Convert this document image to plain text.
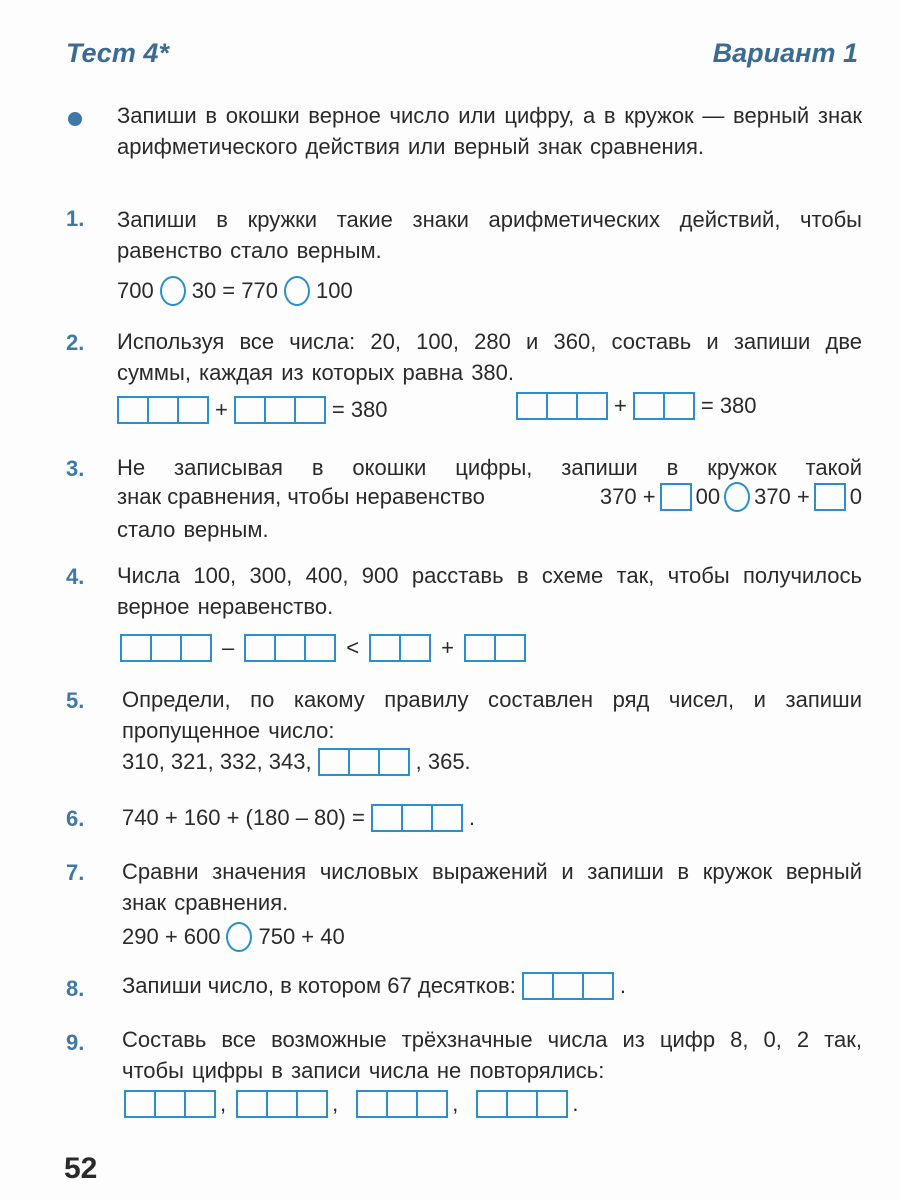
Тест 4*	Вариант 1
Запиши в окошки верное число или цифру, а в кружок — верный знак арифметического действия или верный знак сравнения.
1. Запиши в кружки такие знаки арифметических действий, чтобы равенство стало верным.
700 30 = 770 100
2. Используя все числа: 20, 100, 280 и 360, составь и запиши две суммы, каждая из которых равна 380.
+	= 380	+	= 380
3. Не записывая в окошки цифры, запиши в кружок такой
знак сравнения, чтобы неравенство	370 + 00 370 + 0
стало верным.
4. Числа 100, 300, 400, 900 расставь в схеме так, чтобы получилось верное неравенство.
–	<	+
5. Определи, по какому правилу составлен ряд чисел, и запиши пропущенное число:
310, 321, 332, 343,	, 365.
6. 740 + 160 + (180 – 80) =	.
7. Сравни значения числовых выражений и запиши в кружок верный знак сравнения.
290 + 600 750 + 40
8. Запиши число, в котором 67 десятков:	.
9. Составь все возможные трёхзначные числа из цифр 8, 0, 2 так, чтобы цифры в записи числа не повторялись:
,	,	,	.
52
